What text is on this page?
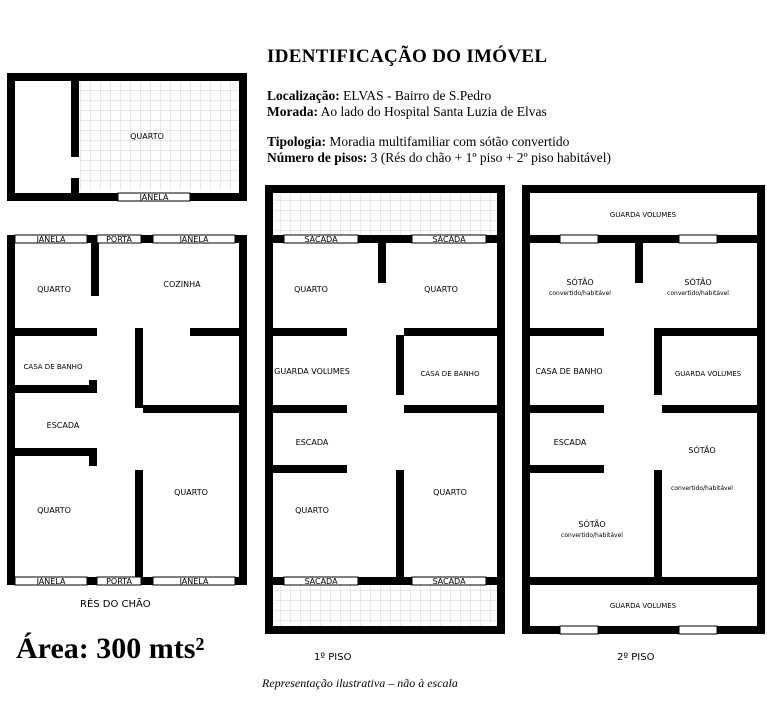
JANELA
QUARTO
JANELA	PORTA	JANELA
JANELA	PORTA	JANELA
QUARTO
COZINHA
CASA DE BANHO
ESCADA
QUARTO
QUARTO
SACADA	SACADA
SACADA	SACADA
QUARTO	QUARTO
GUARDA VOLUMES	CASA DE BANHO
ESCADA
QUARTO
QUARTO
GUARDA VOLUMES
SÓTÃO
convertido/habitável
SÓTÃO
convertido/habitável
CASA DE BANHO	GUARDA VOLUMES
ESCADA
SÓTÃO
convertido/habitável
SÓTÃO
convertido/habitável
GUARDA VOLUMES
IDENTIFICAÇÃO DO IMÓVEL
Localização: ELVAS - Bairro de S.Pedro
Morada: Ao lado do Hospital Santa Luzia de Elvas
Tipologia: Moradia multifamiliar com sótão convertido
Número de pisos: 3 (Rés do chão + 1º piso + 2º piso habitável)
RÉS DO CHÃO
1º PISO	2º PISO
Área: 300 mts²
Representação ilustrativa – não à escala
